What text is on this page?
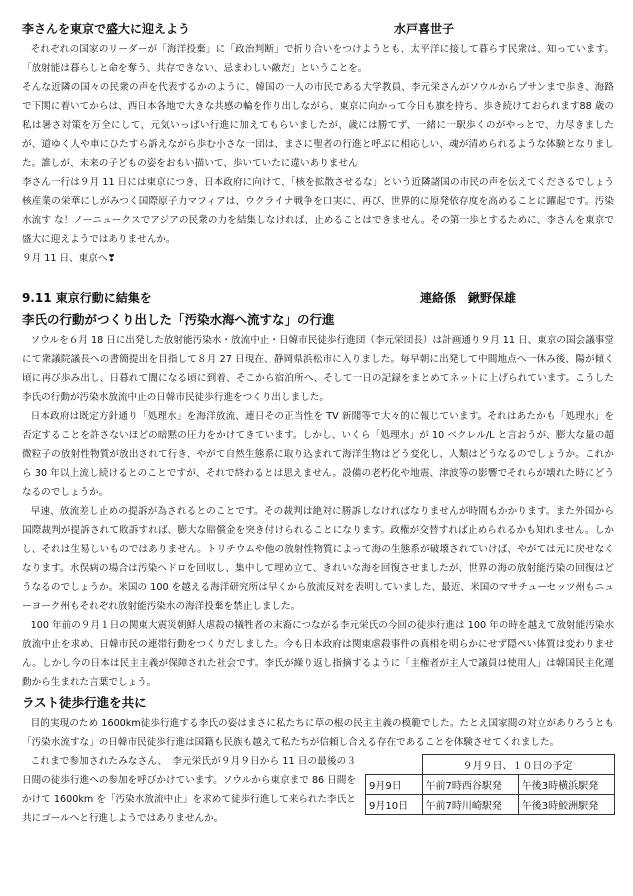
李さんを東京で盛大に迎えよう	水戸喜世子

それぞれの国家のリーダーが「海洋投棄」に「政治判断」で折り合いをつけようとも、太平洋に接して暮らす民衆は、知っています。「放射能は暮らしと命を奪う、共存できない、忌まわしい敵だ」ということを。

そんな近隣の国々の民衆の声を代表するかのように、韓国の一人の市民である大学教員、李元栄さんがソウルからプサンまで歩き、海路で下関に着いてからは、西日本各地で大きな共感の輪を作り出しながら、東京に向かって今日も旗を持ち、歩き続けておられます88 歳の私は暑さ対策を万全にして、元気いっぱい行進に加えてもらいましたが、歳には勝てず、一緒に一駅歩くのがやっとで、力尽きましたが、道ゆく人や車にひたすら訴えながら歩む小さな一団は、まさに聖者の行進と呼ぶに相応しい、魂が清められるような体験となりました。誰しが、未来の子どもの姿をおもい描いて、歩いていたに違いありません

李さん一行は９月 11 日には東京につき、日本政府に向けて、「核を拡散させるな」という近隣諸国の市民の声を伝えてくださるでしょう核産業の栄華にしがみつく国際原子力マフィアは、ウクライナ戦争を口実に、再び、世界的に原発依存度を高めることに躍起です。汚染水流す な！ノーニュークスでアジアの民衆の力を結集しなければ、止めることはできません。その第一歩とするために、李さんを東京で盛大に迎えようではありませんか。

９月 11 日、東京へ❣

9.11 東京行動に結集を	連絡係　鍬野保雄

李氏の行動がつくり出した「汚染水海へ流すな」の行進

ソウルを６月 18 日に出発した放射能汚染水・放流中止・日韓市民徒歩行進団（李元栄団長）は計画通り９月 11 日、東京の国会議事堂にて衆議院議長への書簡提出を目指して８月 27 日現在、静岡県浜松市に入りました。毎早朝に出発して中間地点へ一休み後、陽が傾く頃に再び歩み出し、日暮れて闇になる頃に到着、そこから宿泊所へ、そして一日の記録をまとめてネットに上げられています。こうした李氏の行動が汚染水放流中止の日韓市民徒歩行進をつくり出しました。

日本政府は既定方針通り「処理水」を海洋放流、連日その正当性を TV 新聞等で大々的に報じています。それはあたかも「処理水」を否定することを許さないほどの暗黙の圧力をかけてきています。しかし、いくら「処理水」が 10 ベクレル/L と言おうが、膨大な量の超微粒子の放射性物質が放出されて行き、やがて自然生態系に取り込まれて海洋生物はどう変化し、人類はどうなるのでしょうか。これから 30 年以上流し続けるとのことですが、それで終わるとは思えません。設備の老朽化や地震、津波等の影響でそれらが壊れた時にどうなるのでしょうか。

早速、放流差し止めの提訴が為されるとのことです。その裁判は絶対に勝訴しなければなりませんが時間もかかります。また外国から国際裁判が提訴されて敗訴すれば、膨大な賠償金を突き付けられることになります。政権が交替すれば止められるかも知れません。しかし、それは生易しいものではありません。トリチウムや他の放射性物質によって海の生態系が破壊されていけば、やがては元に戻せなくなります。水俣病の場合は汚染ヘドロを回収し、集中して埋め立て、きれいな海を回復させましたが、世界の海の放射能汚染の回復はどうなるのでしょうか。米国の 100 を越える海洋研究所は早くから放流反対を表明していました、最近、米国のマサチューセッツ州もニューヨーク州もそれぞれ放射能汚染水の海洋投棄を禁止しました。

100 年前の９月１日の関東大震災朝鮮人虐殺の犠牲者の末裔につながる李元栄氏の今回の徒歩行進は 100 年の時を越えて放射能汚染水放流中止を求め、日韓市民の連帯行動をつくりだしました。今も日本政府は関東虐殺事件の真相を明らかにせず隠ぺい体質は変わりません。しかし今の日本は民主主義が保障された社会です。李氏が繰り返し指摘するように「主権者が主人で議員は使用人」は韓国民主化運動から生まれた言葉でしょう。

ラスト徒歩行進を共に

目的実現のため 1600km徒歩行進する李氏の姿はまさに私たちに草の根の民主主義の模範でした。たとえ国家間の対立がありろうとも「汚染水流すな」の日韓市民徒歩行進は国籍も民族も越えて私たちが信頼し合える存在であることを体験させてくれました。

これまで参加されたみなさん、　李元栄氏が９月９日から 11 日の最後の３日間の徒歩行進への参加を呼びかけています。ソウルから東京まで 86 日間をかけて 1600km を「汚染水放流中止」を求めて徒歩行進して来られた李氏と共にゴールへと行進しようではありませんか。

	９月９日、１０日の予定	
9月9日	午前7時西谷駅発	午後3時横浜駅発
9月10日	午前7時川崎駅発	午後3時鮫洲駅発
